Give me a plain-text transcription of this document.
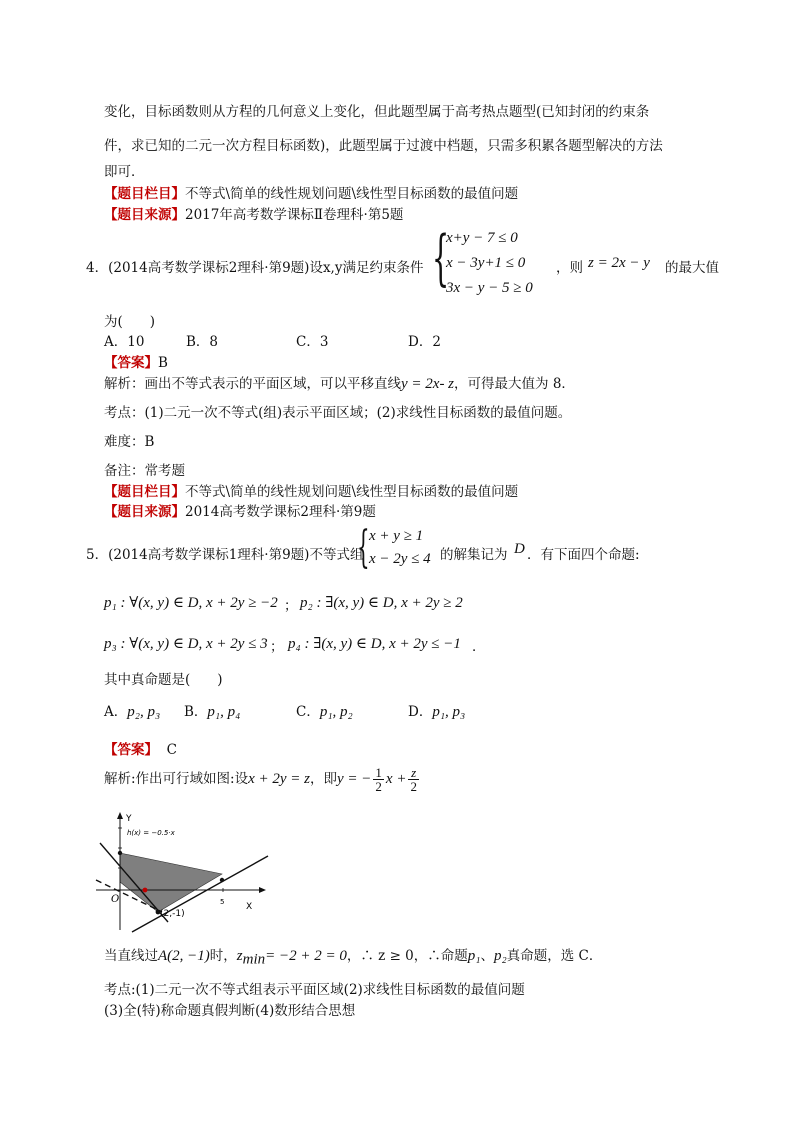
变化，目标函数则从方程的几何意义上变化，但此题型属于高考热点题型(已知封闭的约束条
件，求已知的二元一次方程目标函数)，此题型属于过渡中档题，只需多积累各题型解决的方法
即可．
【题目栏目】不等式\简单的线性规划问题\线性型目标函数的最值问题
【题目来源】2017年高考数学课标Ⅱ卷理科·第5题
4．(2014高考数学课标2理科·第9题)设x,y满足约束条件 {
x+y − 7 ≤ 0
x − 3y+1 ≤ 0
3x − y − 5 ≥ 0
，则 z = 2x − y 的最大值
为(　　)
A．10	B．8	C．3	D．2
【答案】B
解析：画出不等式表示的平面区域，可以平移直线y = 2x- z，可得最大值为 8．
考点：(1)二元一次不等式(组)表示平面区域；(2)求线性目标函数的最值问题。
难度：B
备注：常考题
【题目栏目】不等式\简单的线性规划问题\线性型目标函数的最值问题
【题目来源】2014高考数学课标2理科·第9题
5．(2014高考数学课标1理科·第9题)不等式组
{ x + y ≥ 1
x − 2y ≤ 4 的解集记为 D ．有下面四个命题:
p₁ : ∀(x, y) ∈ D, x + 2y ≥ −2 ； p₂ : ∃(x, y) ∈ D, x + 2y ≥ 2
p₃ : ∀(x, y) ∈ D, x + 2y ≤ 3 ； p₄ : ∃(x, y) ∈ D, x + 2y ≤ −1 ．
其中真命题是(　　)
A．p₂, p₃ B．p₁, p₄	C．p₁, p₂	D．p₁, p₃
【答案】 C
解析:作出可行域如图:设x + 2y = z，即y = − $\frac{1}{2}$ $x + \frac{z}{2}$
Y
h(x) = −0.5·x
X
O	5
(2,-1)
当直线过A(2, −1)时，$z_{min}= -2 + 2 = 0$，∴ z ≥ 0，∴命题p₁、p₂真命题，选 C．
考点:(1)二元一次不等式组表示平面区域(2)求线性目标函数的最值问题
(3)全(特)称命题真假判断(4)数形结合思想
